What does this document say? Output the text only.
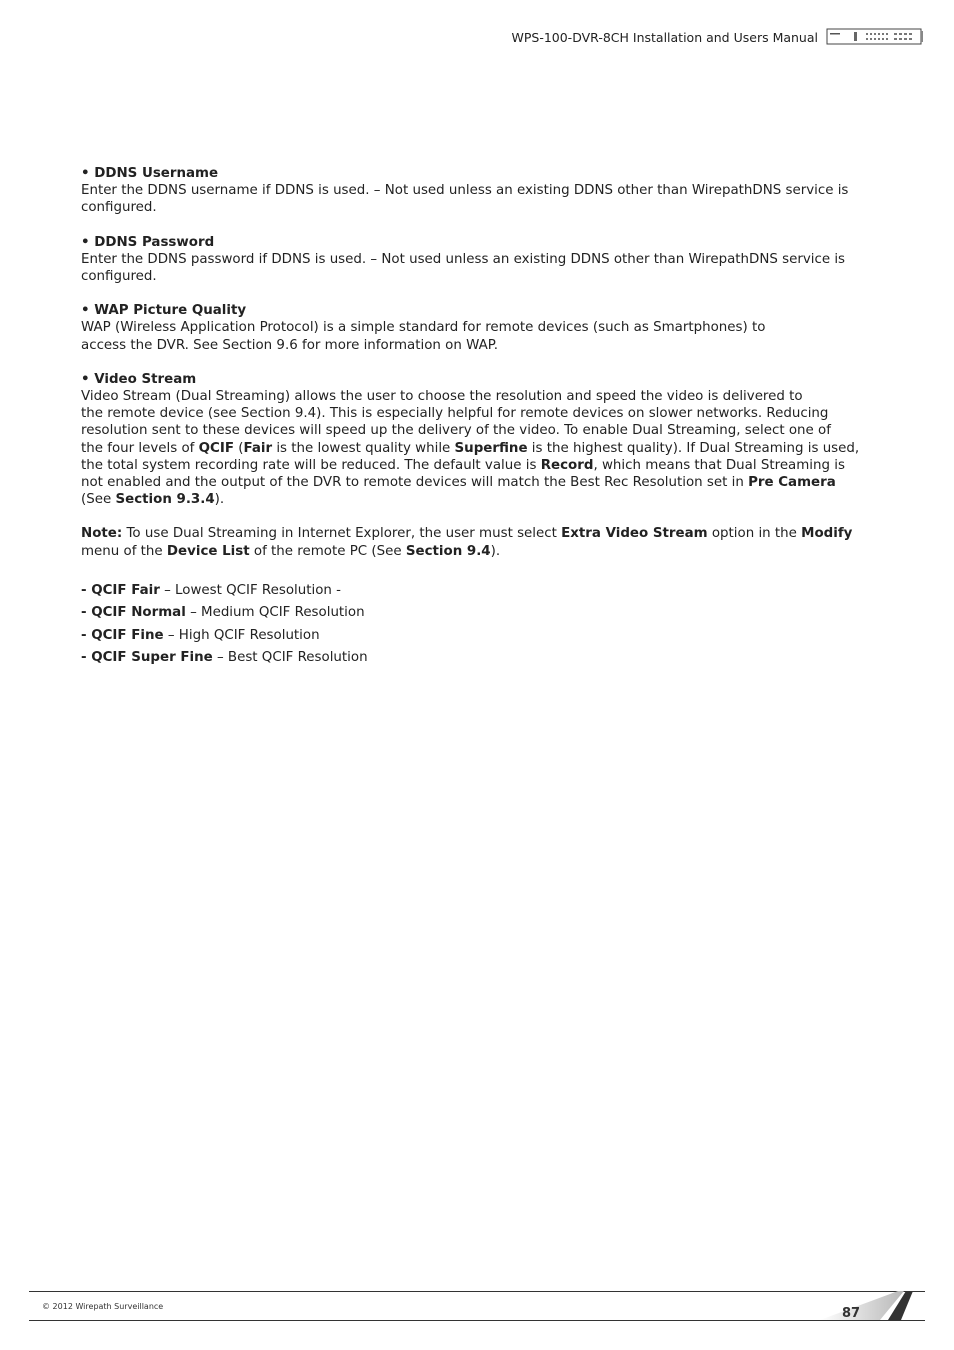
WPS-100-DVR-8CH Installation and Users Manual

• DDNS Username

Enter the DDNS username if DDNS is used. – Not used unless an existing DDNS other than WirepathDNS service is configured.

• DDNS Password

Enter the DDNS password if DDNS is used. – Not used unless an existing DDNS other than WirepathDNS service is configured.

• WAP Picture Quality

WAP (Wireless Application Protocol) is a simple standard for remote devices (such as Smartphones) to

access the DVR. See Section 9.6 for more information on WAP.

• Video Stream

Video Stream (Dual Streaming) allows the user to choose the resolution and speed the video is delivered to

the remote device (see Section 9.4). This is especially helpful for remote devices on slower networks. Reducing

resolution sent to these devices will speed up the delivery of the video. To enable Dual Streaming, select one of

the four levels of QCIF (Fair is the lowest quality while Superfine is the highest quality). If Dual Streaming is used,

the total system recording rate will be reduced. The default value is Record, which means that Dual Streaming is

not enabled and the output of the DVR to remote devices will match the Best Rec Resolution set in Pre Camera

(See Section 9.3.4).

Note: To use Dual Streaming in Internet Explorer, the user must select Extra Video Stream option in the Modify

menu of the Device List of the remote PC (See Section 9.4).

- QCIF Fair – Lowest QCIF Resolution -

- QCIF Normal – Medium QCIF Resolution

- QCIF Fine – High QCIF Resolution

- QCIF Super Fine – Best QCIF Resolution

© 2012 Wirepath Surveillance	87
